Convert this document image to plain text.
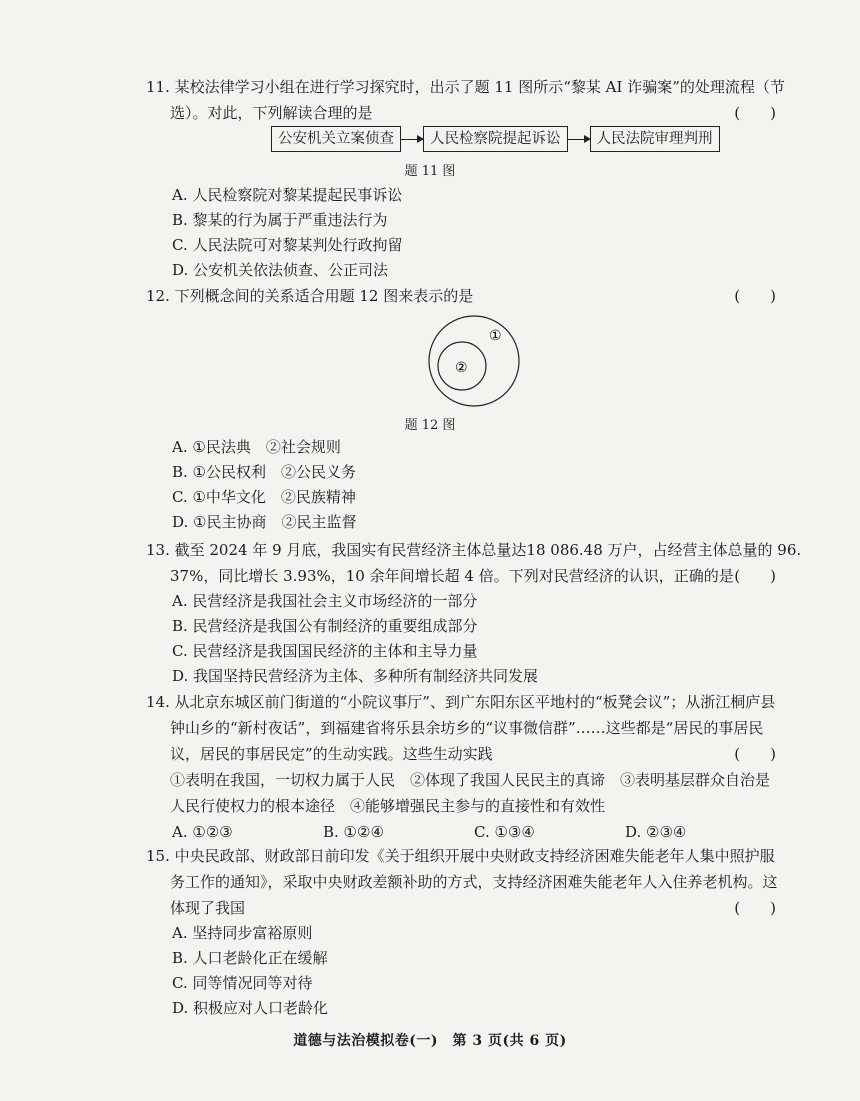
11. 某校法律学习小组在进行学习探究时，出示了题 11 图所示“黎某 AI 诈骗案”的处理流程（节
选）。对此，下列解读合理的是	(　　)
公安机关立案侦查	人民检察院提起诉讼	人民法院审理判刑
题 11 图
A. 人民检察院对黎某提起民事诉讼
B. 黎某的行为属于严重违法行为
C. 人民法院可对黎某判处行政拘留
D. 公安机关依法侦查、公正司法
12. 下列概念间的关系适合用题 12 图来表示的是	(　　)
①
②
题 12 图
A. ①民法典　②社会规则
B. ①公民权利　②公民义务
C. ①中华文化　②民族精神
D. ①民主协商　②民主监督
13. 截至 2024 年 9 月底，我国实有民营经济主体总量达18 086.48 万户，占经营主体总量的 96.
37%，同比增长 3.93%，10 余年间增长超 4 倍。下列对民营经济的认识，正确的是 (　　)
A. 民营经济是我国社会主义市场经济的一部分
B. 民营经济是我国公有制经济的重要组成部分
C. 民营经济是我国国民经济的主体和主导力量
D. 我国坚持民营经济为主体、多种所有制经济共同发展
14. 从北京东城区前门街道的“小院议事厅”、到广东阳东区平地村的“板凳会议”；从浙江桐庐县
钟山乡的“新村夜话”，到福建省将乐县余坊乡的“议事微信群”……这些都是“居民的事居民
议，居民的事居民定”的生动实践。这些生动实践	(　　)
①表明在我国，一切权力属于人民　②体现了我国人民民主的真谛　③表明基层群众自治是
人民行使权力的根本途径　④能够增强民主参与的直接性和有效性
A. ①②③	B. ①②④	C. ①③④	D. ②③④
15. 中央民政部、财政部日前印发《关于组织开展中央财政支持经济困难失能老年人集中照护服
务工作的通知》，采取中央财政差额补助的方式，支持经济困难失能老年人入住养老机构。这
体现了我国	(　　)
A. 坚持同步富裕原则
B. 人口老龄化正在缓解
C. 同等情况同等对待
D. 积极应对人口老龄化
道德与法治模拟卷(一)　第 3 页(共 6 页)
